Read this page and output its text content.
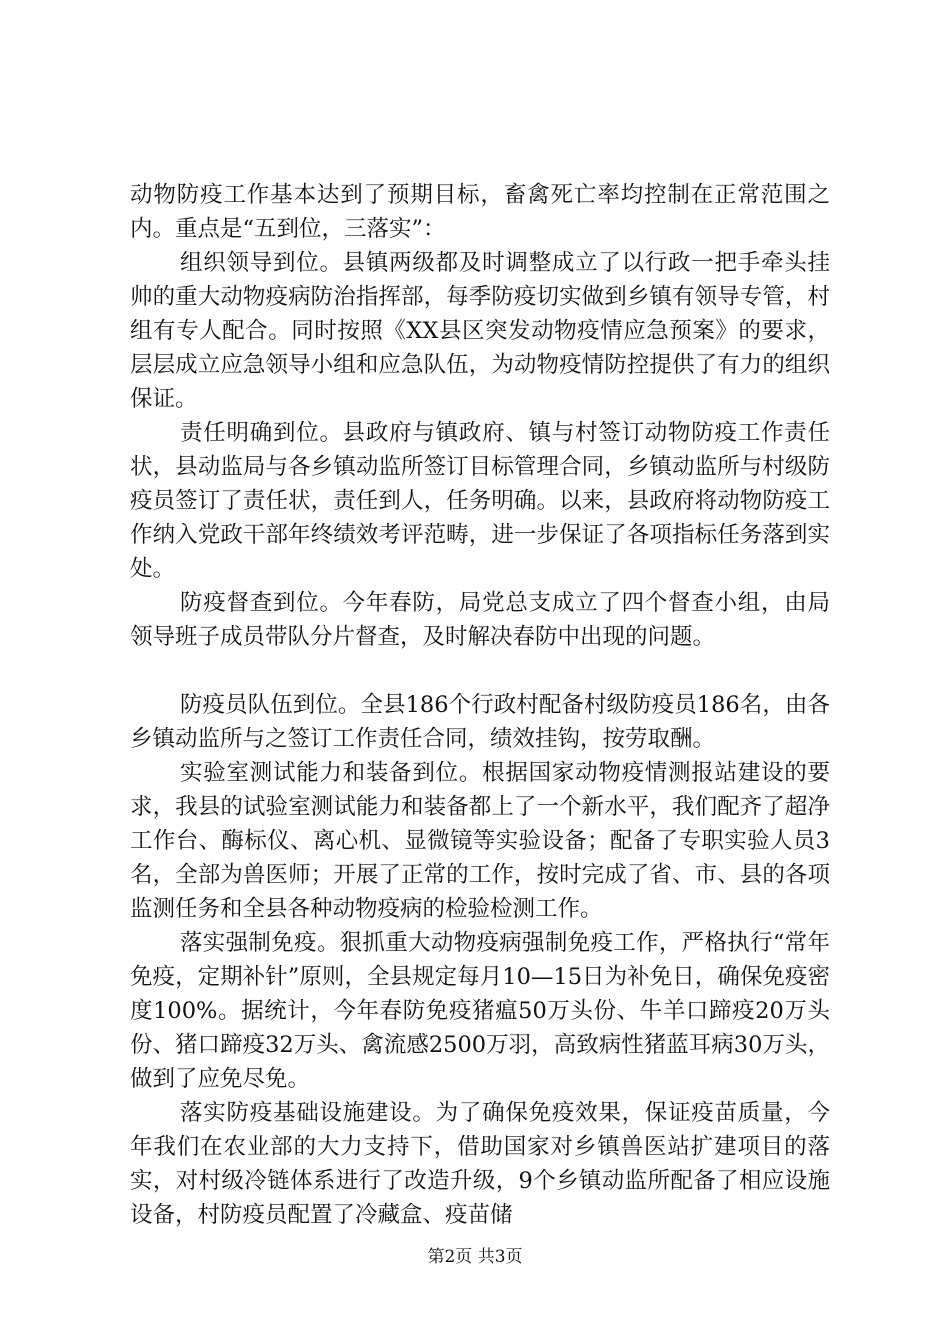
动物防疫工作基本达到了预期目标，畜禽死亡率均控制在正常范围之内。重点是“五到位，三落实”：

组织领导到位。县镇两级都及时调整成立了以行政一把手牵头挂帅的重大动物疫病防治指挥部，每季防疫切实做到乡镇有领导专管，村组有专人配合。同时按照《XX县区突发动物疫情应急预案》的要求，层层成立应急领导小组和应急队伍，为动物疫情防控提供了有力的组织保证。

责任明确到位。县政府与镇政府、镇与村签订动物防疫工作责任状，县动监局与各乡镇动监所签订目标管理合同，乡镇动监所与村级防疫员签订了责任状，责任到人，任务明确。以来，县政府将动物防疫工作纳入党政干部年终绩效考评范畴，进一步保证了各项指标任务落到实处。

防疫督查到位。今年春防，局党总支成立了四个督查小组，由局领导班子成员带队分片督查，及时解决春防中出现的问题。

防疫员队伍到位。全县186个行政村配备村级防疫员186名，由各乡镇动监所与之签订工作责任合同，绩效挂钩，按劳取酬。

实验室测试能力和装备到位。根据国家动物疫情测报站建设的要求，我县的试验室测试能力和装备都上了一个新水平，我们配齐了超净工作台、酶标仪、离心机、显微镜等实验设备；配备了专职实验人员3名，全部为兽医师；开展了正常的工作，按时完成了省、市、县的各项监测任务和全县各种动物疫病的检验检测工作。

落实强制免疫。狠抓重大动物疫病强制免疫工作，严格执行“常年免疫，定期补针”原则，全县规定每月10—15日为补免日，确保免疫密度100%。据统计，今年春防免疫猪瘟50万头份、牛羊口蹄疫20万头份、猪口蹄疫32万头、禽流感2500万羽，高致病性猪蓝耳病30万头，做到了应免尽免。

落实防疫基础设施建设。为了确保免疫效果，保证疫苗质量，今年我们在农业部的大力支持下，借助国家对乡镇兽医站扩建项目的落实，对村级冷链体系进行了改造升级，9个乡镇动监所配备了相应设施设备，村防疫员配置了冷藏盒、疫苗储

第2页 共3页
